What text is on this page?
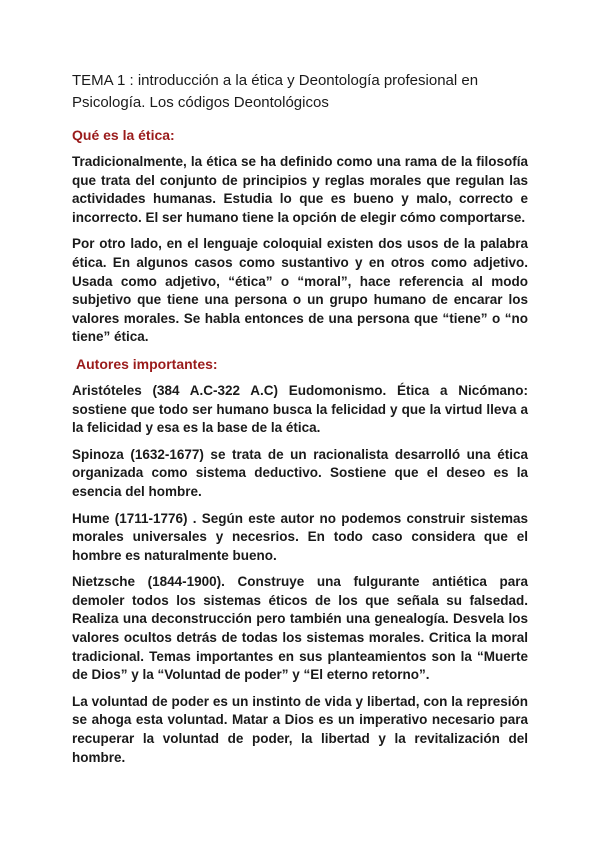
TEMA 1 : introducción a la ética y Deontología profesional en Psicología. Los códigos Deontológicos
Qué es la ética:

Tradicionalmente, la ética se ha definido como una rama de la filosofía que trata del conjunto de principios y reglas morales que regulan las actividades humanas. Estudia lo que es bueno y malo, correcto e incorrecto. El ser humano tiene la opción de elegir cómo comportarse.

Por otro lado, en el lenguaje coloquial existen dos usos de la palabra ética. En algunos casos como sustantivo y en otros como adjetivo. Usada como adjetivo, “ética” o “moral”, hace referencia al modo subjetivo que tiene una persona o un grupo humano de encarar los valores morales. Se habla entonces de una persona que “tiene” o “no tiene” ética.

Autores importantes:

Aristóteles (384 A.C-322 A.C) Eudomonismo. Ética a Nicómano: sostiene que todo ser humano busca la felicidad y que la virtud lleva a la felicidad y esa es la base de la ética.

Spinoza (1632-1677) se trata de un racionalista desarrolló una ética organizada como sistema deductivo. Sostiene que el deseo es la esencia del hombre.

Hume (1711-1776) . Según este autor no podemos construir sistemas morales universales y necesrios. En todo caso considera que el hombre es naturalmente bueno.

Nietzsche (1844-1900). Construye una fulgurante antiética para demoler todos los sistemas éticos de los que señala su falsedad. Realiza una deconstrucción pero también una genealogía. Desvela los valores ocultos detrás de todas los sistemas morales. Critica la moral tradicional. Temas importantes en sus planteamientos son la “Muerte de Dios” y la “Voluntad de poder” y “El eterno retorno”.

La voluntad de poder es un instinto de vida y libertad, con la represión se ahoga esta voluntad. Matar a Dios es un imperativo necesario para recuperar la voluntad de poder, la libertad y la revitalización del hombre.
